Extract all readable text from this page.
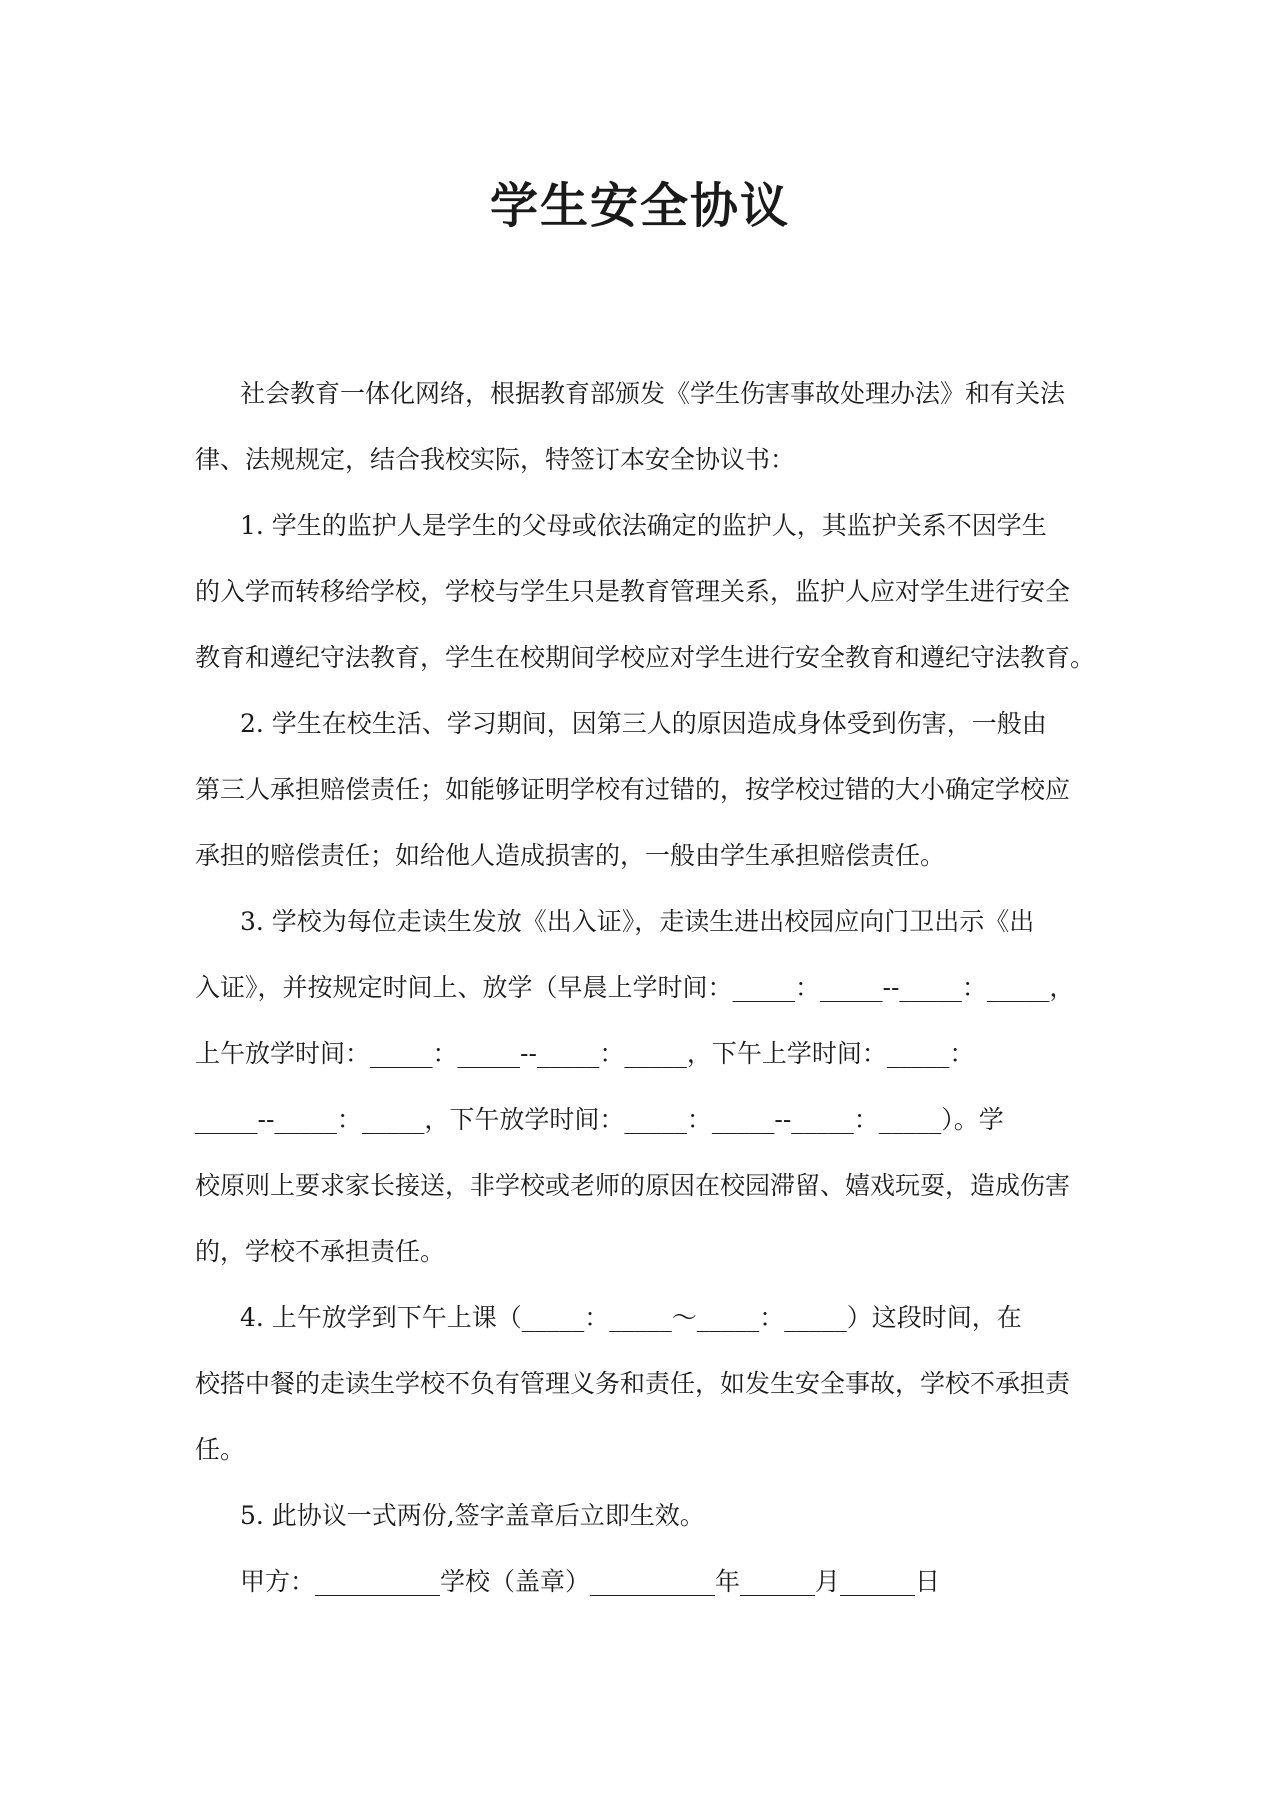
学生安全协议
社会教育一体化网络，根据教育部颁发《学生伤害事故处理办法》和有关法
律、法规规定，结合我校实际，特签订本安全协议书：
1. 学生的监护人是学生的父母或依法确定的监护人，其监护关系不因学生
的入学而转移给学校，学校与学生只是教育管理关系，监护人应对学生进行安全
教育和遵纪守法教育，学生在校期间学校应对学生进行安全教育和遵纪守法教育。
2. 学生在校生活、学习期间，因第三人的原因造成身体受到伤害，一般由
第三人承担赔偿责任；如能够证明学校有过错的，按学校过错的大小确定学校应
承担的赔偿责任；如给他人造成损害的，一般由学生承担赔偿责任。
3. 学校为每位走读生发放《出入证》，走读生进出校园应向门卫出示《出
入证》，并按规定时间上、放学（早晨上学时间：_____：_____--_____：_____，
上午放学时间：_____：_____--_____：_____，下午上学时间：_____：
_____--_____：_____，下午放学时间：_____：_____--_____：_____）。学
校原则上要求家长接送，非学校或老师的原因在校园滞留、嬉戏玩耍，造成伤害
的，学校不承担责任。
4. 上午放学到下午上课（_____：_____～_____：_____）这段时间，在
校搭中餐的走读生学校不负有管理义务和责任，如发生安全事故，学校不承担责
任。
5. 此协议一式两份,签字盖章后立即生效。
甲方：__________学校（盖章）__________年______月______日
